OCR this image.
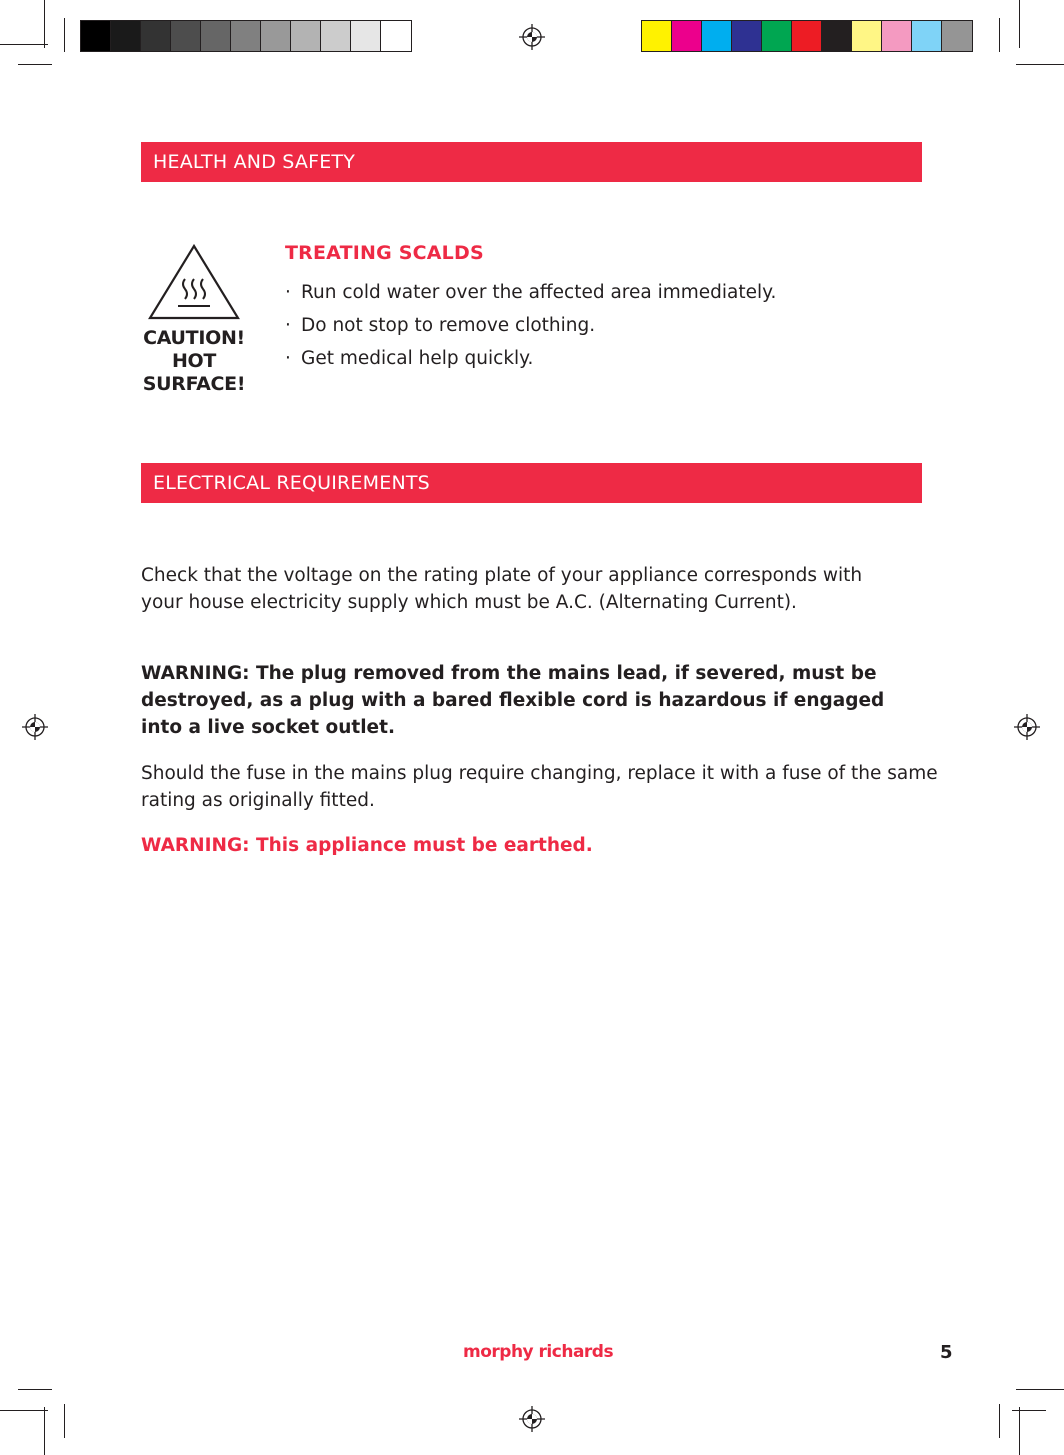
HEALTH AND SAFETY
CAUTION!
HOT
SURFACE!
TREATING SCALDS
· Run cold water over the affected area immediately.
· Do not stop to remove clothing.
· Get medical help quickly.
ELECTRICAL REQUIREMENTS
Check that the voltage on the rating plate of your appliance corresponds with your house electricity supply which must be A.C. (Alternating Current).
WARNING: The plug removed from the mains lead, if severed, must be destroyed, as a plug with a bared flexible cord is hazardous if engaged into a live socket outlet.
Should the fuse in the mains plug require changing, replace it with a fuse of the same rating as originally fitted.
WARNING: This appliance must be earthed.
morphy richards	5
